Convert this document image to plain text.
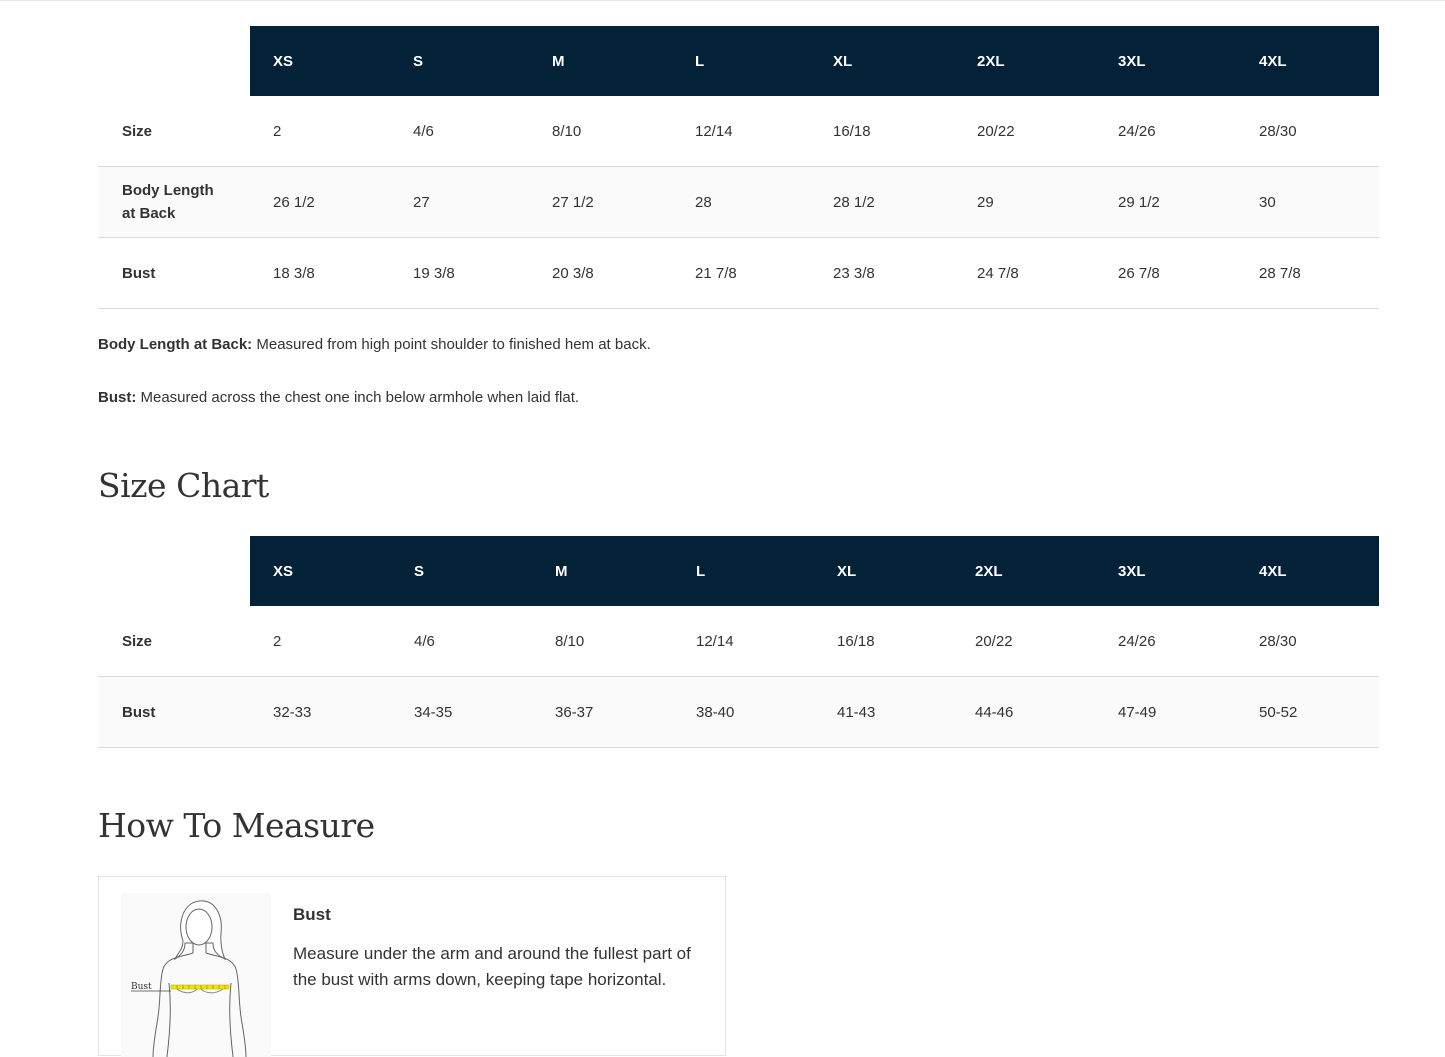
	XS	S	M	L	XL	2XL	3XL	4XL
Size	2	4/6	8/10	12/14	16/18	20/22	24/26	28/30
Body Length at Back	26 1/2	27	27 1/2	28	28 1/2	29	29 1/2	30
Bust	18 3/8	19 3/8	20 3/8	21 7/8	23 3/8	24 7/8	26 7/8	28 7/8
Body Length at Back: Measured from high point shoulder to finished hem at back.
Bust: Measured across the chest one inch below armhole when laid flat.
Size Chart
	XS	S	M	L	XL	2XL	3XL	4XL
Size	2	4/6	8/10	12/14	16/18	20/22	24/26	28/30
Bust	32-33	34-35	36-37	38-40	41-43	44-46	47-49	50-52
How To Measure
Bust
Bust
Measure under the arm and around the fullest part of the bust with arms down, keeping tape horizontal.
